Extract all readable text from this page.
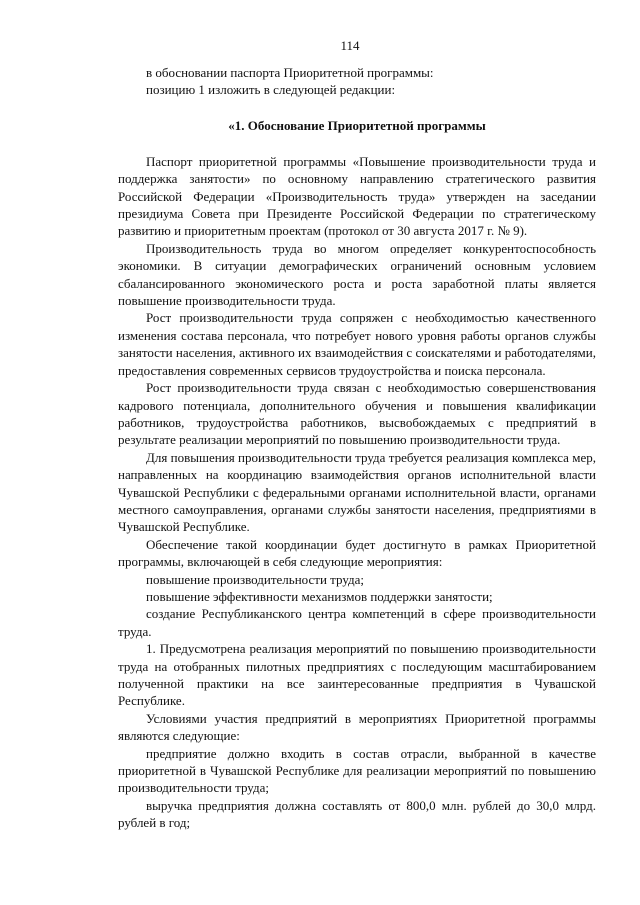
114

в обосновании паспорта Приоритетной программы:

позицию 1 изложить в следующей редакции:

«1. Обоснование Приоритетной программы

Паспорт приоритетной программы «Повышение производительности труда и поддержка занятости» по основному направлению стратегического развития Российской Федерации «Производительность труда» утвержден на заседании президиума Совета при Президенте Российской Федерации по стратегическому развитию и приоритетным проектам (протокол от 30 августа 2017 г. № 9).

Производительность труда во многом определяет конкурентоспособность экономики. В ситуации демографических ограничений основным условием сбалансированного экономического роста и роста заработной платы является повышение производительности труда.

Рост производительности труда сопряжен с необходимостью качественного изменения состава персонала, что потребует нового уровня работы органов службы занятости населения, активного их взаимодействия с соискателями и работодателями, предоставления современных сервисов трудоустройства и поиска персонала.

Рост производительности труда связан с необходимостью совершенствования кадрового потенциала, дополнительного обучения и повышения квалификации работников, трудоустройства работников, высвобождаемых с предприятий в результате реализации мероприятий по повышению производительности труда.

Для повышения производительности труда требуется реализация комплекса мер, направленных на координацию взаимодействия органов исполнительной власти Чувашской Республики с федеральными органами исполнительной власти, органами местного самоуправления, органами службы занятости населения, предприятиями в Чувашской Республике.

Обеспечение такой координации будет достигнуто в рамках Приоритетной программы, включающей в себя следующие мероприятия:

повышение производительности труда;

повышение эффективности механизмов поддержки занятости;

создание Республиканского центра компетенций в сфере производительности труда.

1. Предусмотрена реализация мероприятий по повышению производительности труда на отобранных пилотных предприятиях с последующим масштабированием полученной практики на все заинтересованные предприятия в Чувашской Республике.

Условиями участия предприятий в мероприятиях Приоритетной программы являются следующие:

предприятие должно входить в состав отрасли, выбранной в качестве приоритетной в Чувашской Республике для реализации мероприятий по повышению производительности труда;

выручка предприятия должна составлять от 800,0 млн. рублей до 30,0 млрд. рублей в год;
